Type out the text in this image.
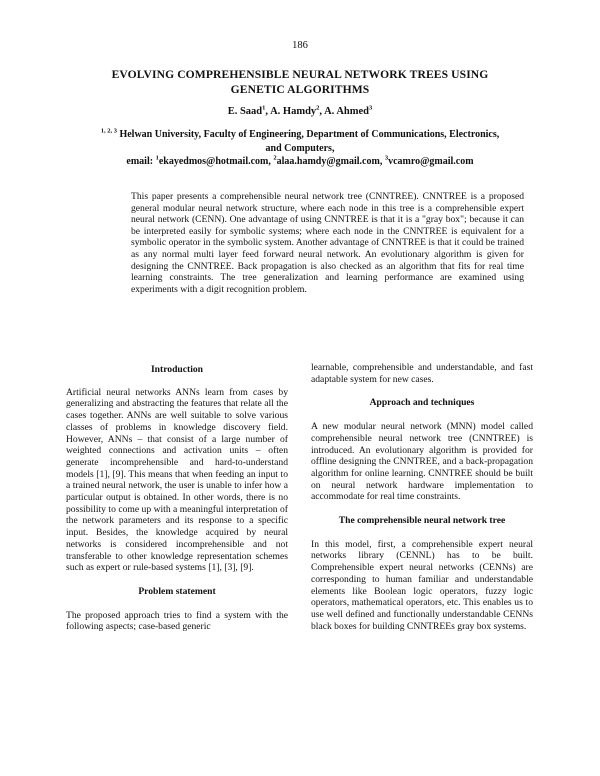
186
EVOLVING COMPREHENSIBLE NEURAL NETWORK TREES USING
GENETIC ALGORITHMS
E. Saad$^1$, A. Hamdy$^2$, A. Ahmed$^3$
$^{1, 2, 3}$ Helwan University, Faculty of Engineering, Department of Communications, Electronics,
and Computers,
email: $^1$ekayedmos@hotmail.com, $^2$alaa.hamdy@gmail.com, $^3$vcamro@gmail.com
This paper presents a comprehensible neural network tree (CNNTREE). CNNTREE is a proposed general modular neural network structure, where each node in this tree is a comprehensible expert neural network (CENN). One advantage of using CNNTREE is that it is a "gray box"; because it can be interpreted easily for symbolic systems; where each node in the CNNTREE is equivalent for a symbolic operator in the symbolic system. Another advantage of CNNTREE is that it could be trained as any normal multi layer feed forward neural network. An evolutionary algorithm is given for designing the CNNTREE. Back propagation is also checked as an algorithm that fits for real time learning constraints. The tree generalization and learning performance are examined using experiments with a digit recognition problem.
Introduction

Artificial neural networks ANNs learn from cases by generalizing and abstracting the features that relate all the cases together. ANNs are well suitable to solve various classes of problems in knowledge discovery field. However, ANNs – that consist of a large number of weighted connections and activation units – often generate incomprehensible and hard-to-understand models [1], [9]. This means that when feeding an input to a trained neural network, the user is unable to infer how a particular output is obtained. In other words, there is no possibility to come up with a meaningful interpretation of the network parameters and its response to a specific input. Besides, the knowledge acquired by neural networks is considered incomprehensible and not transferable to other knowledge representation schemes such as expert or rule-based systems [1], [3], [9].

Problem statement

The proposed approach tries to find a system with the following aspects; case-based generic

learnable, comprehensible and understandable, and fast adaptable system for new cases.

Approach and techniques

A new modular neural network (MNN) model called comprehensible neural network tree (CNNTREE) is introduced. An evolutionary algorithm is provided for offline designing the CNNTREE, and a back-propagation algorithm for online learning. CNNTREE should be built on neural network hardware implementation to accommodate for real time constraints.

The comprehensible neural network tree

In this model, first, a comprehensible expert neural networks library (CENNL) has to be built. Comprehensible expert neural networks (CENNs) are corresponding to human familiar and understandable elements like Boolean logic operators, fuzzy logic operators, mathematical operators, etc. This enables us to use well defined and functionally understandable CENNs black boxes for building CNNTREEs gray box systems.
